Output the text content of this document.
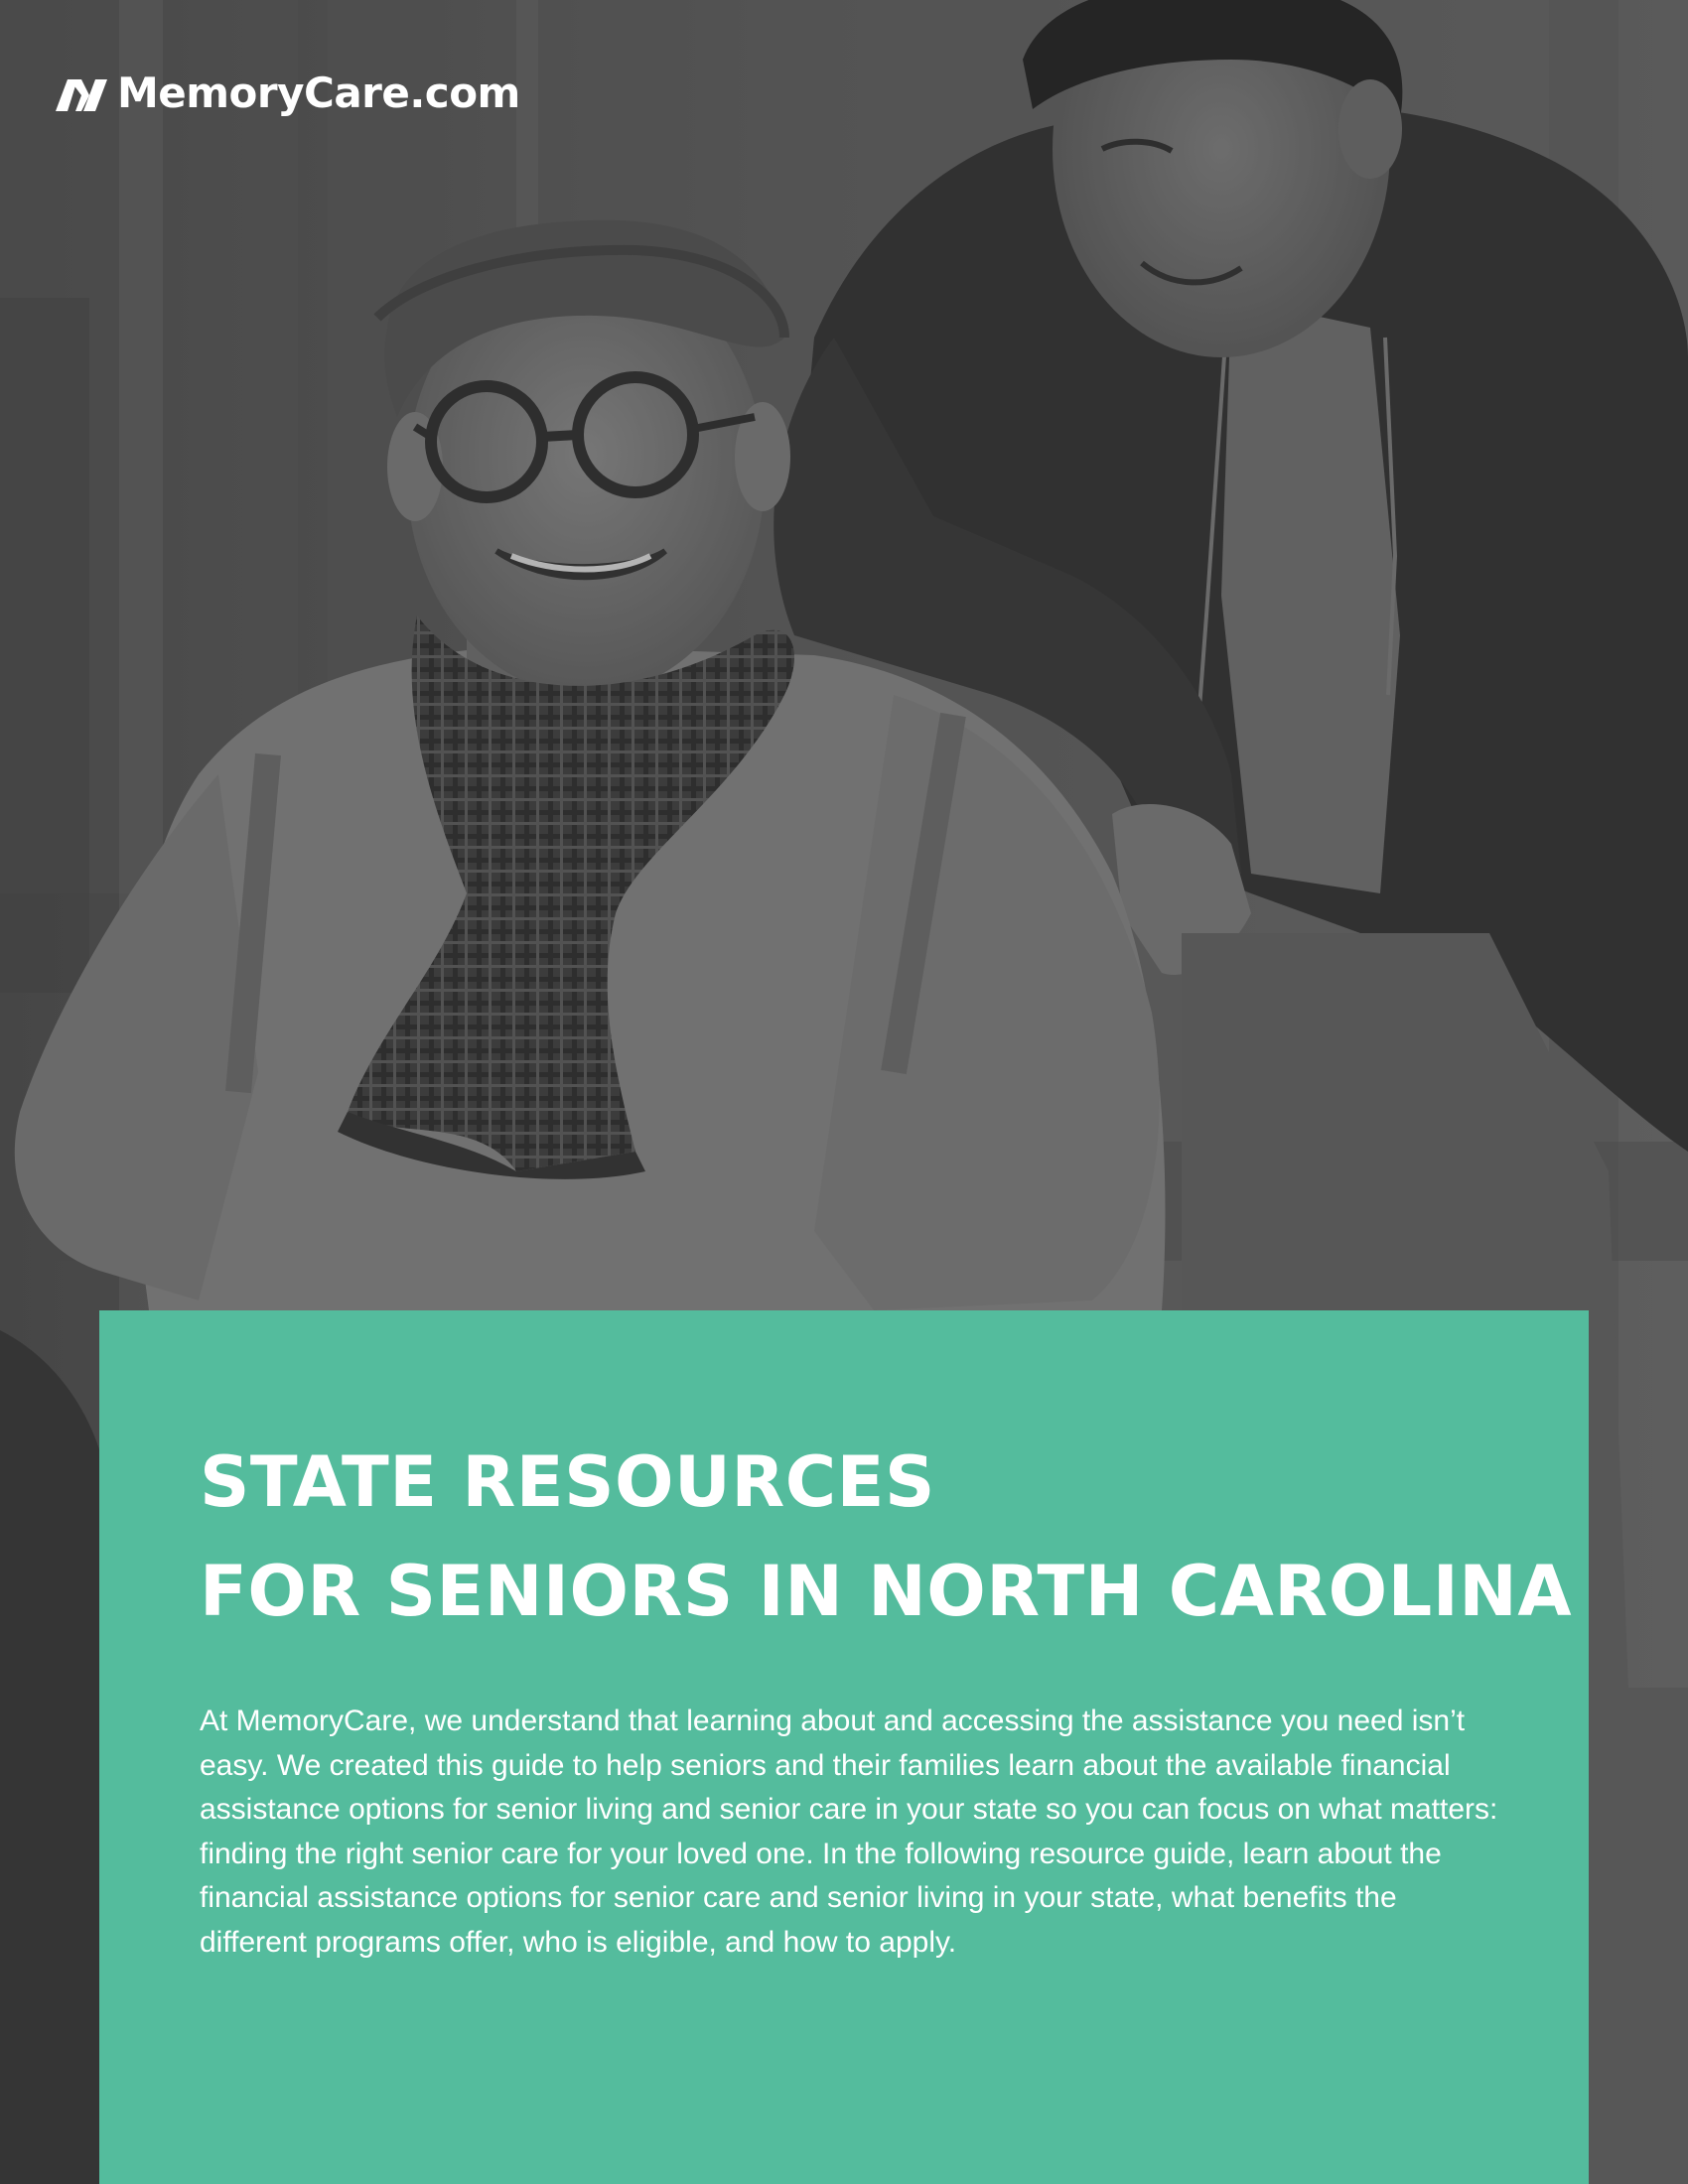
MemoryCare.com
STATE RESOURCES
FOR SENIORS IN NORTH CAROLINA

At MemoryCare, we understand that learning about and accessing the assistance you need isn’t easy. We created this guide to help seniors and their families learn about the available financial assistance options for senior living and senior care in your state so you can focus on what matters: finding the right senior care for your loved one. In the following resource guide, learn about the financial assistance options for senior care and senior living in your state, what benefits the different programs offer, who is eligible, and how to apply.
